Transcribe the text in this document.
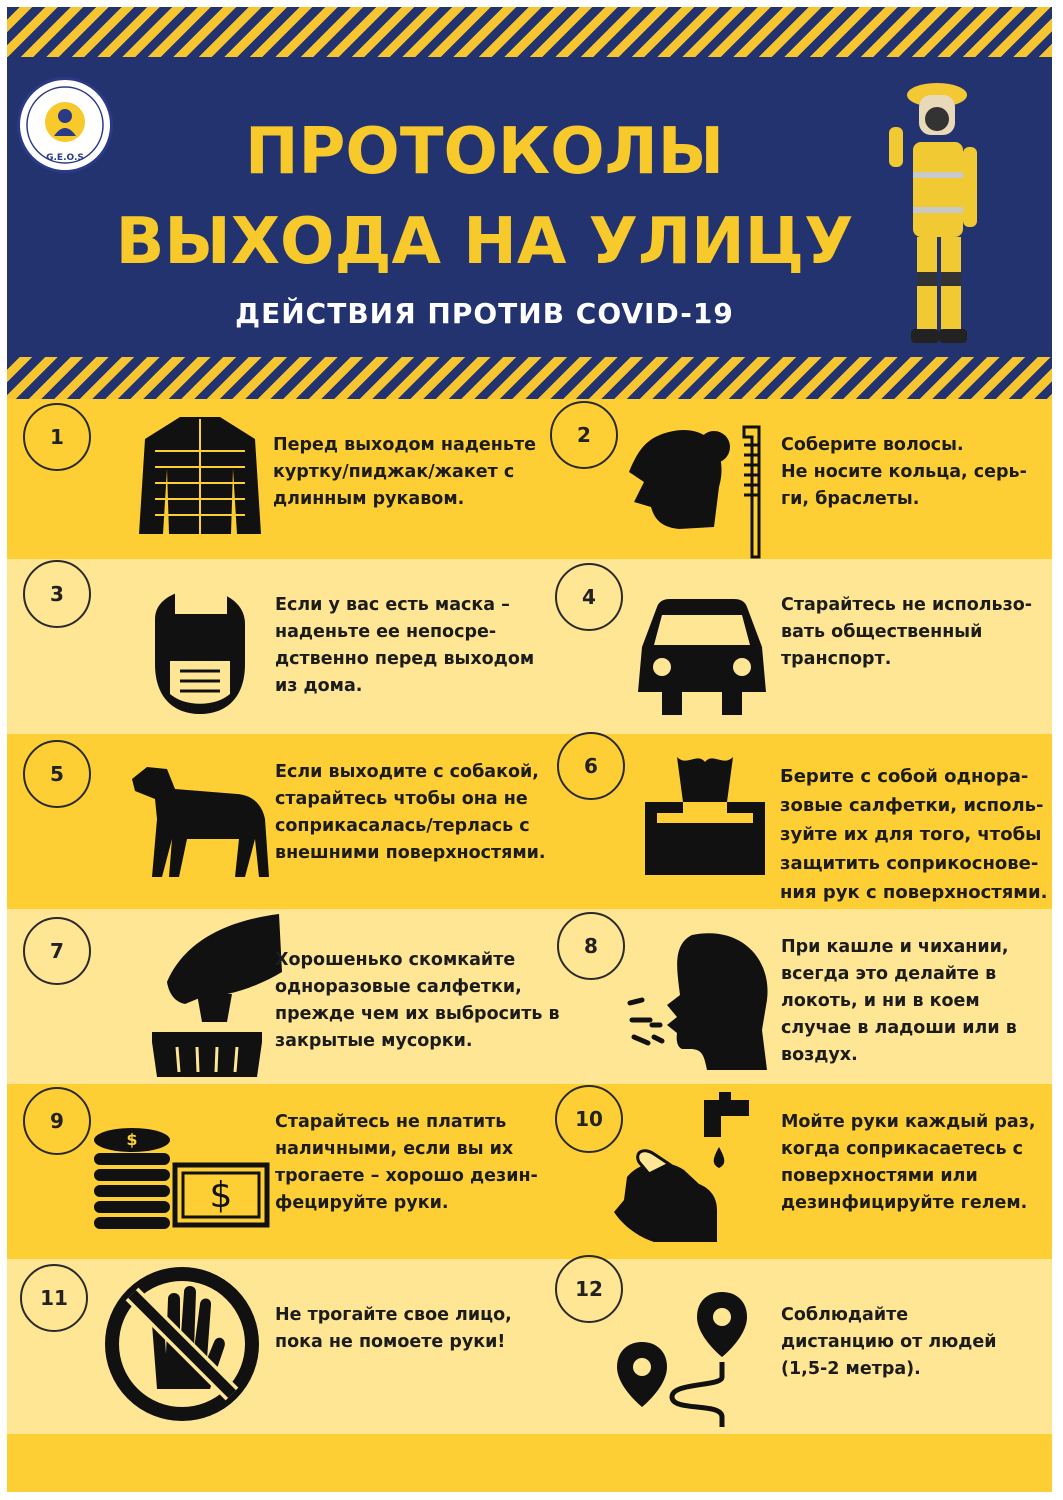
G.E.O.S	ПРОТОКОЛЫ
ВЫХОДА НА УЛИЦУ
ДЕЙСТВИЯ ПРОТИВ COVID-19
1	Перед выходом наденьте
куртку/пиджак/жакет с
длинным рукавом.
2	Соберите волосы.
Не носите кольца, серь-
ги, браслеты.
3	Если у вас есть маска –
наденьте ее непосре-
дственно перед выходом
из дома.
4	Старайтесь не использо-
вать общественный
транспорт.
5	Если выходите с собакой,
старайтесь чтобы она не
соприкасалась/терлась с
внешними поверхностями.
6	Берите с собой однора-
зовые салфетки, исполь-
зуйте их для того, чтобы
защитить соприкоснове-
ния рук с поверхностями.
7	Хорошенько скомкайте
одноразовые салфетки,
прежде чем их выбросить в
закрытые мусорки.
8	При кашле и чихании,
всегда это делайте в
локоть, и ни в коем
случае в ладоши или в
воздух.
9
$
$
Старайтесь не платить
наличными, если вы их
трогаете – хорошо дезин-
фецируйте руки.
10	Мойте руки каждый раз,
когда соприкасаетесь с
поверхностями или
дезинфицируйте гелем.
11
Не трогайте свое лицо,
пока не помоете руки!
12
Соблюдайте
дистанцию от людей
(1,5-2 метра).
